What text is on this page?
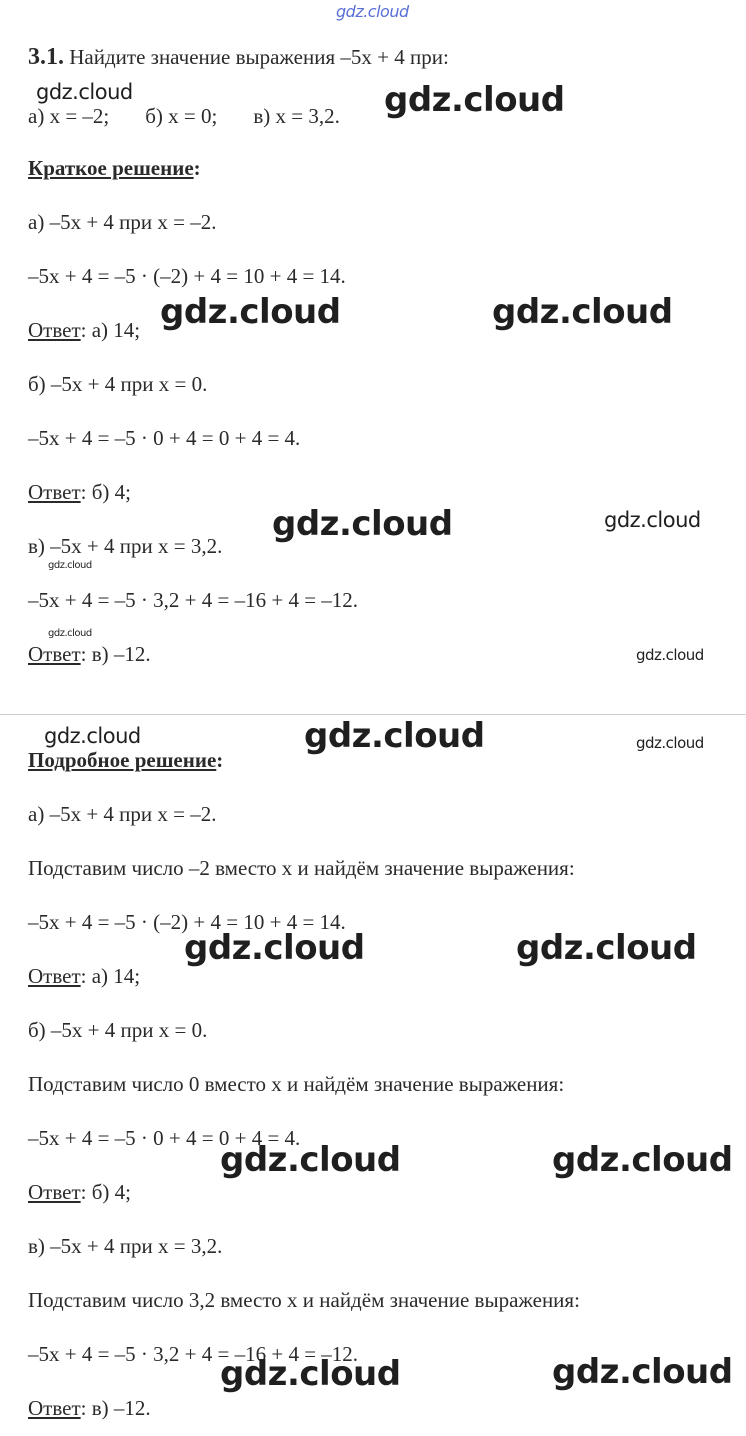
3.1. Найдите значение выражения –5x + 4 при:
а) x = –2; б) x = 0; в) x = 3,2.
Краткое решение:
а) –5x + 4 при x = –2.
–5x + 4 = –5 · (–2) + 4 = 10 + 4 = 14.
Ответ: а) 14;
б) –5x + 4 при x = 0.
–5x + 4 = –5 · 0 + 4 = 0 + 4 = 4.
Ответ: б) 4;
в) –5x + 4 при x = 3,2.
–5x + 4 = –5 · 3,2 + 4 = –16 + 4 = –12.
Ответ: в) –12.
Подробное решение:
а) –5x + 4 при x = –2.
Подставим число –2 вместо x и найдём значение выражения:
–5x + 4 = –5 · (–2) + 4 = 10 + 4 = 14.
Ответ: а) 14;
б) –5x + 4 при x = 0.
Подставим число 0 вместо x и найдём значение выражения:
–5x + 4 = –5 · 0 + 4 = 0 + 4 = 4.
Ответ: б) 4;
в) –5x + 4 при x = 3,2.
Подставим число 3,2 вместо x и найдём значение выражения:
–5x + 4 = –5 · 3,2 + 4 = –16 + 4 = –12.
Ответ: в) –12.
gdz.cloud
gdz.cloud	gdz.cloud
gdz.cloud	gdz.cloud
gdz.cloud	gdz.cloud
gdz.cloud
gdz.cloud
gdz.cloud
gdz.cloud	gdz.cloud	gdz.cloud
gdz.cloud	gdz.cloud
gdz.cloud	gdz.cloud
gdz.cloud	gdz.cloud
